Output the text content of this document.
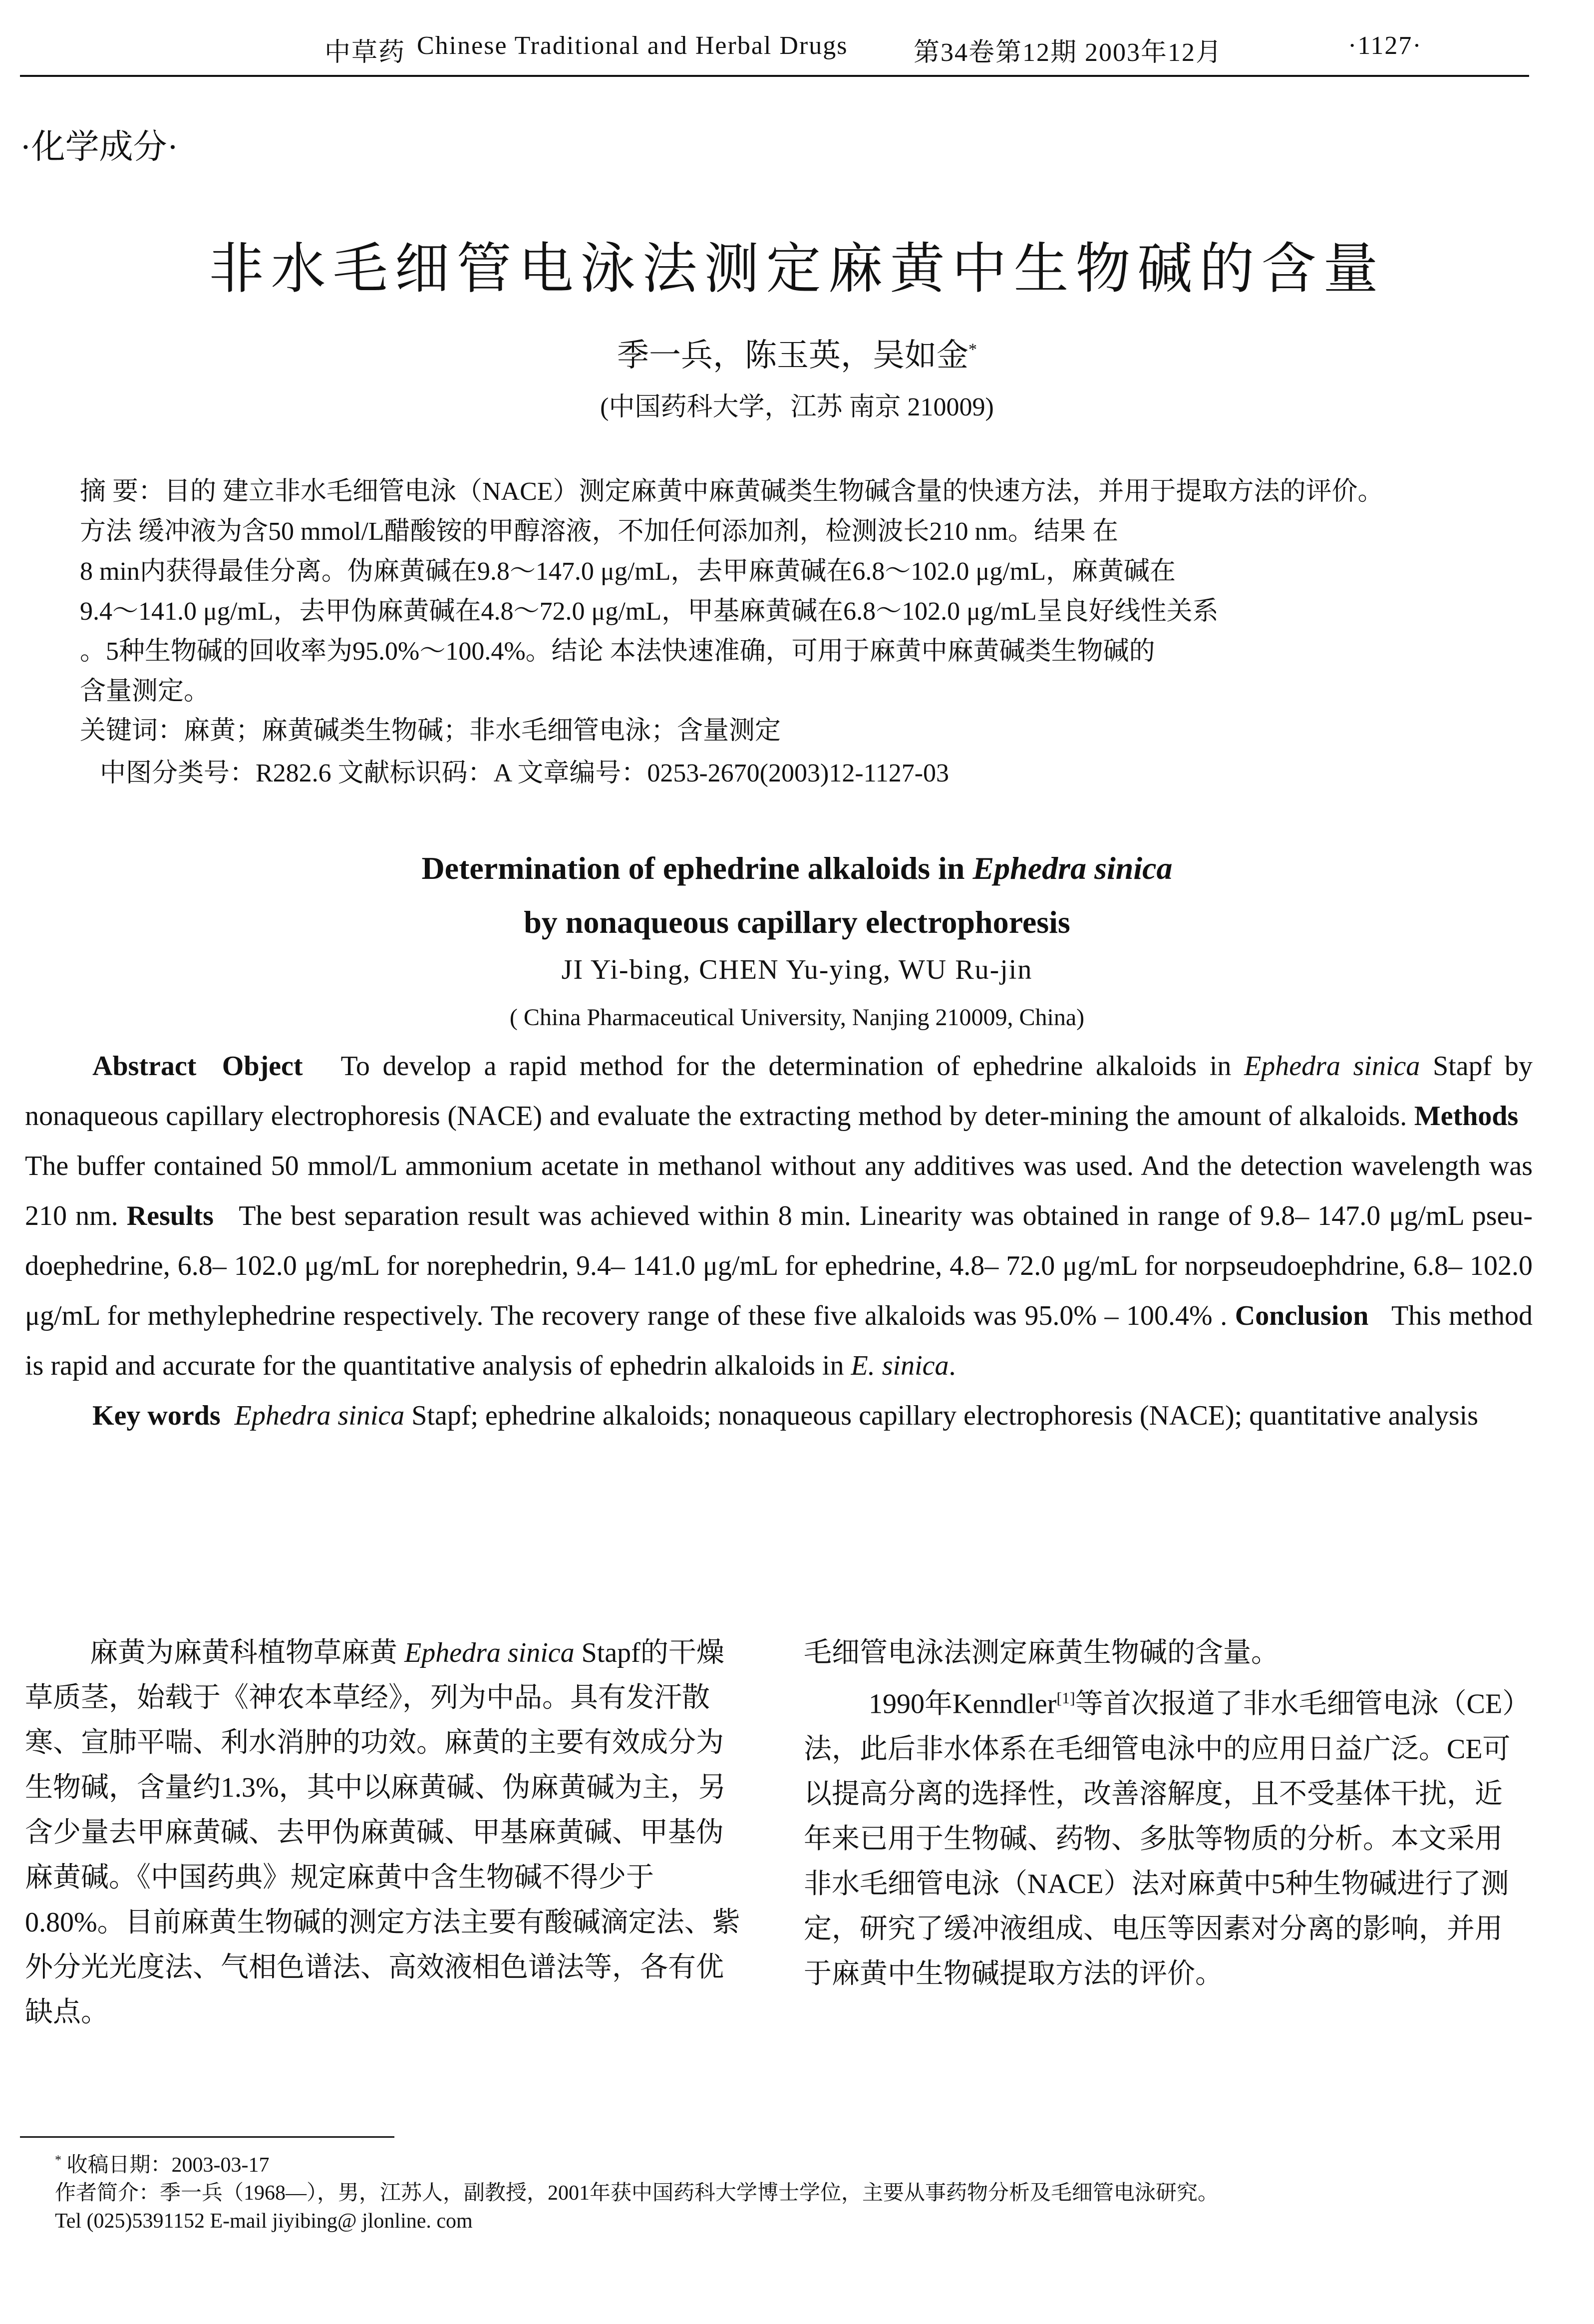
中草药 Chinese Traditional and Herbal Drugs	第34卷第12期 2003年12月	·1127·
·化学成分·
非水毛细管电泳法测定麻黄中生物碱的含量
季一兵，陈玉英，吴如金*
(中国药科大学，江苏 南京 210009)

摘 要：目的 建立非水毛细管电泳（NACE）测定麻黄中麻黄碱类生物碱含量的快速方法，并用于提取方法的评价。

方法 缓冲液为含50 mmol/L醋酸铵的甲醇溶液，不加任何添加剂，检测波长210 nm。结果 在

8 min内获得最佳分离。伪麻黄碱在9.8～147.0 μg/mL，去甲麻黄碱在6.8～102.0 μg/mL，麻黄碱在

9.4～141.0 μg/mL，去甲伪麻黄碱在4.8～72.0 μg/mL，甲基麻黄碱在6.8～102.0 μg/mL呈良好线性关系

。5种生物碱的回收率为95.0%～100.4%。结论 本法快速准确，可用于麻黄中麻黄碱类生物碱的

含量测定。

关键词：麻黄；麻黄碱类生物碱；非水毛细管电泳；含量测定
中图分类号：R282.6 文献标识码：A 文章编号：0253-2670(2003)12-1127-03
Determination of ephedrine alkaloids in Ephedra sinica
by nonaqueous capillary electrophoresis
JI Yi-bing, CHEN Yu-ying, WU Ru-jin
( China Pharmaceutical University, Nanjing 210009, China)

Abstract Object To develop a rapid method for the determination of ephedrine alkaloids in Ephedra sinica Stapf by nonaqueous capillary electrophoresis (NACE) and evaluate the extracting method by deter-mining the amount of alkaloids. Methods   The buffer contained 50 mmol/L ammonium acetate in methanol without any additives was used. And the detection wavelength was 210 nm. Results The best separation result was achieved within 8 min. Linearity was obtained in range of 9.8– 147.0 μg/mL pseu-doephedrine, 6.8– 102.0 μg/mL for norephedrin, 9.4– 141.0 μg/mL for ephedrine, 4.8– 72.0 μg/mL for norpseudoephdrine, 6.8– 102.0 μg/mL for methylephedrine respectively. The recovery range of these five alkaloids was 95.0% – 100.4% . Conclusion This method is rapid and accurate for the quantitative analysis of ephedrin alkaloids in E. sinica.

Key words Ephedra sinica Stapf; ephedrine alkaloids; nonaqueous capillary electrophoresis (NACE); quantitative analysis

麻黄为麻黄科植物草麻黄 Ephedra sinica Stapf的干燥草质茎，始载于《神农本草经》，列为中品。具有发汗散寒、宣肺平喘、利水消肿的功效。麻黄的主要有效成分为生物碱，含量约1.3%，其中以麻黄碱、伪麻黄碱为主，另含少量去甲麻黄碱、去甲伪麻黄碱、甲基麻黄碱、甲基伪麻黄碱。《中国药典》规定麻黄中含生物碱不得少于0.80%。目前麻黄生物碱的测定方法主要有酸碱滴定法、紫外分光光度法、气相色谱法、高效液相色谱法等，各有优缺点。

毛细管电泳法测定麻黄生物碱的含量。

1990年Kenndler[1]等首次报道了非水毛细管电泳（CE）法，此后非水体系在毛细管电泳中的应用日益广泛。CE可以提高分离的选择性，改善溶解度，且不受基体干扰，近年来已用于生物碱、药物、多肽等物质的分析。本文采用非水毛细管电泳（NACE）法对麻黄中5种生物碱进行了测定，研究了缓冲液组成、电压等因素对分离的影响，并用于麻黄中生物碱提取方法的评价。

* 收稿日期：2003-03-17

作者简介：季一兵（1968—），男，江苏人，副教授，2001年获中国药科大学博士学位，主要从事药物分析及毛细管电泳研究。

Tel (025)5391152 E-mail jiyibing@ jlonline. com
